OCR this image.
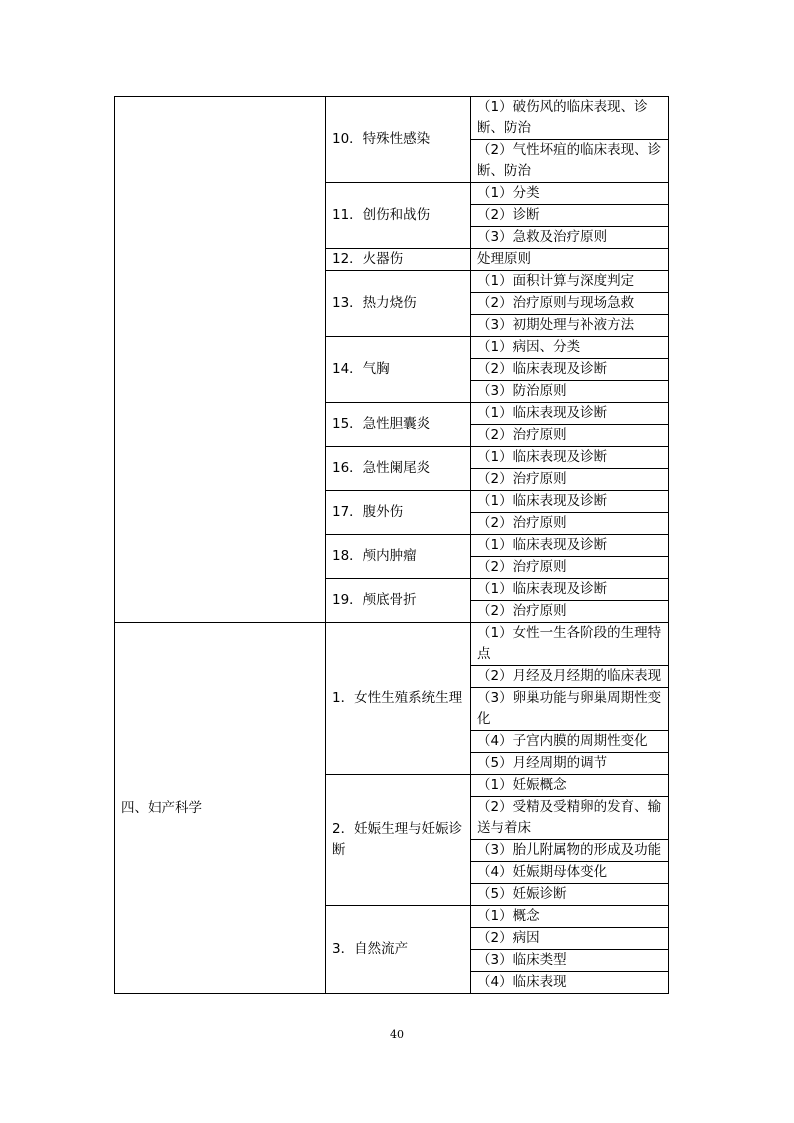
	10．特殊性感染	（1）破伤风的临床表现、诊断、防治
		（2）气性坏疽的临床表现、诊断、防治
	11．创伤和战伤	（1）分类
		（2）诊断
		（3）急救及治疗原则
	12．火器伤	处理原则
	13．热力烧伤	（1）面积计算与深度判定
		（2）治疗原则与现场急救
		（3）初期处理与补液方法
	14．气胸	（1）病因、分类
		（2）临床表现及诊断
		（3）防治原则
	15．急性胆囊炎	（1）临床表现及诊断
		（2）治疗原则
	16．急性阑尾炎	（1）临床表现及诊断
		（2）治疗原则
	17．腹外伤	（1）临床表现及诊断
		（2）治疗原则
	18．颅内肿瘤	（1）临床表现及诊断
		（2）治疗原则
	19．颅底骨折	（1）临床表现及诊断
		（2）治疗原则
四、妇产科学	1．女性生殖系统生理	（1）女性一生各阶段的生理特点
		（2）月经及月经期的临床表现
		（3）卵巢功能与卵巢周期性变化
		（4）子宫内膜的周期性变化
		（5）月经周期的调节
	2．妊娠生理与妊娠诊断	（1）妊娠概念
		（2）受精及受精卵的发育、输送与着床
		（3）胎儿附属物的形成及功能
		（4）妊娠期母体变化
		（5）妊娠诊断
	3．自然流产	（1）概念
		（2）病因
		（3）临床类型
		（4）临床表现
40
